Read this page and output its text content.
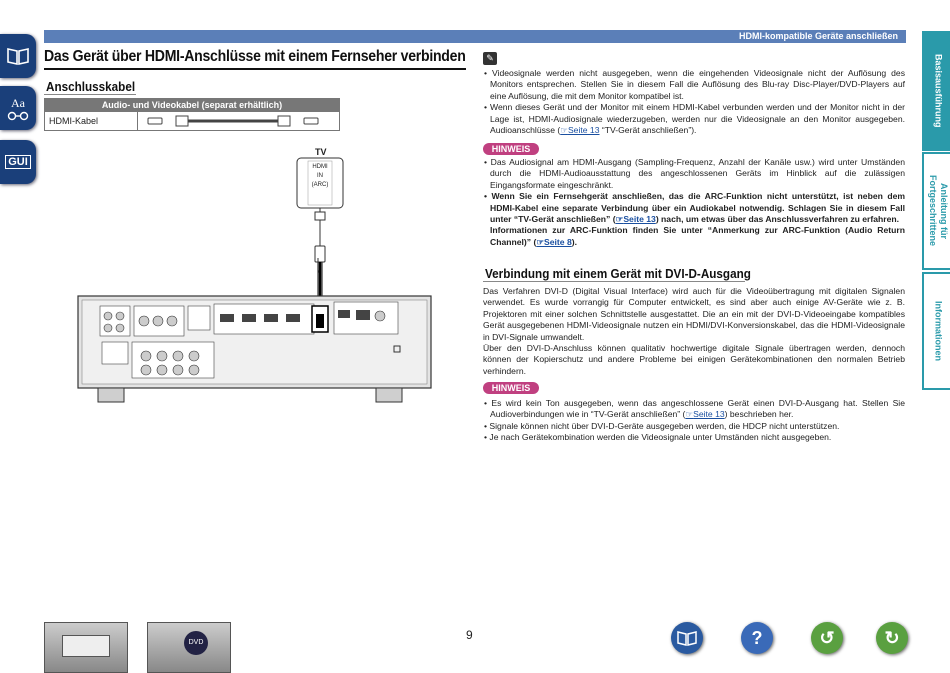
HDMI-kompatible Geräte anschließen
Aa
GUI
Basisausführung
Anleitung für Fortgeschrittene
Informationen
Das Gerät über HDMI-Anschlüsse mit einem Fernseher verbinden
Anschlusskabel
Audio- und Videokabel (separat erhältlich)
HDMI-Kabel
TV
HDMI
IN
(ARC)
✎
• Videosignale werden nicht ausgegeben, wenn die eingehenden Videosignale nicht der Auflösung des Monitors entsprechen. Stellen Sie in diesem Fall die Auflösung des Blu-ray Disc-Player/DVD-Players auf eine Auflösung, die mit dem Monitor kompatibel ist.
• Wenn dieses Gerät und der Monitor mit einem HDMI-Kabel verbunden werden und der Monitor nicht in der Lage ist, HDMI-Audiosignale wiederzugeben, werden nur die Videosignale an den Monitor ausgegeben. Audioanschlüsse (☞Seite 13 “TV-Gerät anschließen”).
HINWEIS
• Das Audiosignal am HDMI-Ausgang (Sampling-Frequenz, Anzahl der Kanäle usw.) wird unter Umständen durch die HDMI-Audioausstattung des angeschlossenen Geräts im Hinblick auf die zulässigen Eingangsformate eingeschränkt.
• Wenn Sie ein Fernsehgerät anschließen, das die ARC-Funktion nicht unterstützt, ist neben dem HDMI-Kabel eine separate Verbindung über ein Audiokabel notwendig. Schlagen Sie in diesem Fall unter “TV-Gerät anschließen” (☞Seite 13) nach, um etwas über das Anschlussverfahren zu erfahren.
Informationen zur ARC-Funktion finden Sie unter “Anmerkung zur ARC-Funktion (Audio Return Channel)” (☞Seite 8).
Verbindung mit einem Gerät mit DVI-D-Ausgang
Das Verfahren DVI-D (Digital Visual Interface) wird auch für die Videoübertragung mit digitalen Signalen verwendet. Es wurde vorrangig für Computer entwickelt, es sind aber auch einige AV-Geräte wie z. B. Projektoren mit einer solchen Schnittstelle ausgestattet. Die an ein mit der DVI-D-Videoeingabe kompatibles Gerät ausgegebenen HDMI-Videosignale nutzen ein HDMI/DVI-Konversionskabel, das die HDMI-Videosignale in DVI-Signale umwandelt.
Über den DVI-D-Anschluss können qualitativ hochwertige digitale Signale übertragen werden, dennoch können der Kopierschutz und andere Probleme bei einigen Gerätekombinationen den normalen Betrieb verhindern.
HINWEIS
• Es wird kein Ton ausgegeben, wenn das angeschlossene Gerät einen DVI-D-Ausgang hat. Stellen Sie Audioverbindungen wie in “TV-Gerät anschließen” (☞Seite 13) beschrieben her.
• Signale können nicht über DVI-D-Geräte ausgegeben werden, die HDCP nicht unterstützen.
• Je nach Gerätekombination werden die Videosignale unter Umständen nicht ausgegeben.
DVD
9	?	↺	↻
